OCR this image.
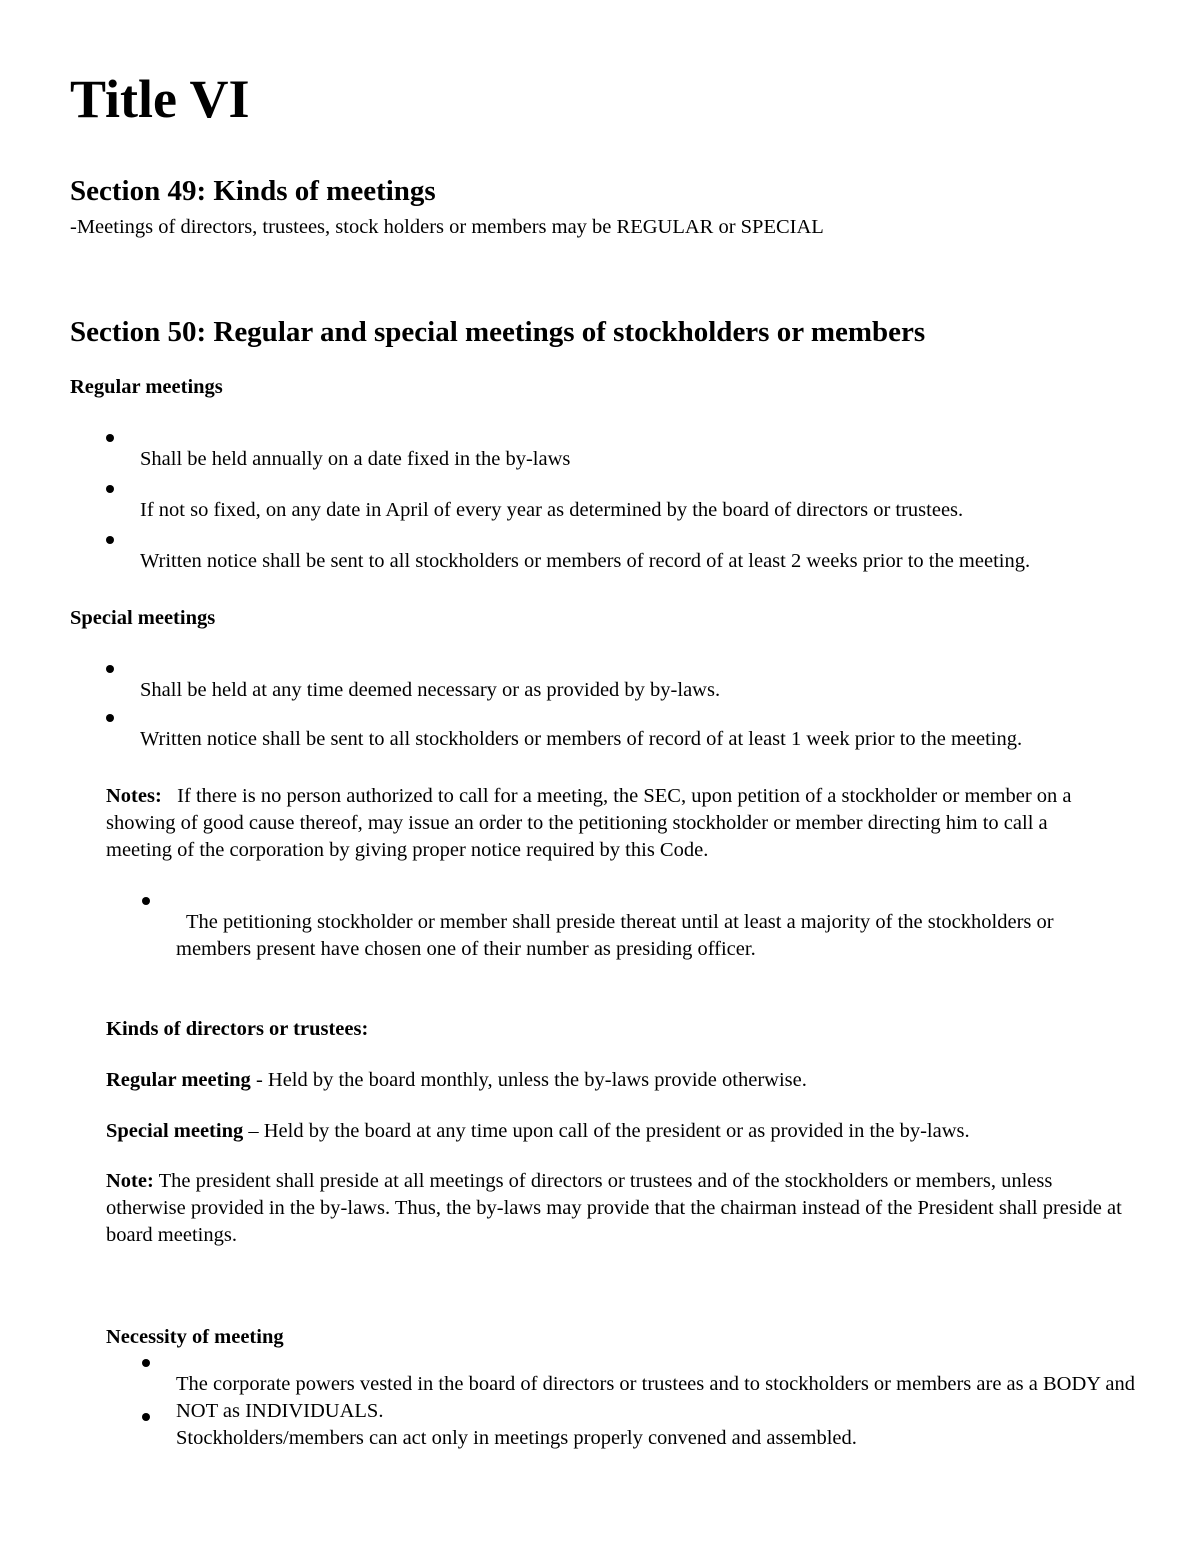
Title VI
Section 49: Kinds of meetings

-Meetings of directors, trustees, stock holders or members may be REGULAR or SPECIAL

Section 50: Regular and special meetings of stockholders or members

Regular meetings

Shall be held annually on a date fixed in the by-laws

If not so fixed, on any date in April of every year as determined by the board of directors or trustees.

Written notice shall be sent to all stockholders or members of record of at least 2 weeks prior to the meeting.

Special meetings

Shall be held at any time deemed necessary or as provided by by-laws.

Written notice shall be sent to all stockholders or members of record of at least 1 week prior to the meeting.

Notes: If there is no person authorized to call for a meeting, the SEC, upon petition of a stockholder or member on a showing of good cause thereof, may issue an order to the petitioning stockholder or member directing him to call a meeting of the corporation by giving proper notice required by this Code.

The petitioning stockholder or member shall preside thereat until at least a majority of the stockholders or members present have chosen one of their number as presiding officer.

Kinds of directors or trustees:

Regular meeting - Held by the board monthly, unless the by-laws provide otherwise.

Special meeting – Held by the board at any time upon call of the president or as provided in the by-laws.

Note: The president shall preside at all meetings of directors or trustees and of the stockholders or members, unless otherwise provided in the by-laws. Thus, the by-laws may provide that the chairman instead of the President shall preside at board meetings.

Necessity of meeting

The corporate powers vested in the board of directors or trustees and to stockholders or members are as a BODY and NOT as INDIVIDUALS.

Stockholders/members can act only in meetings properly convened and assembled.
